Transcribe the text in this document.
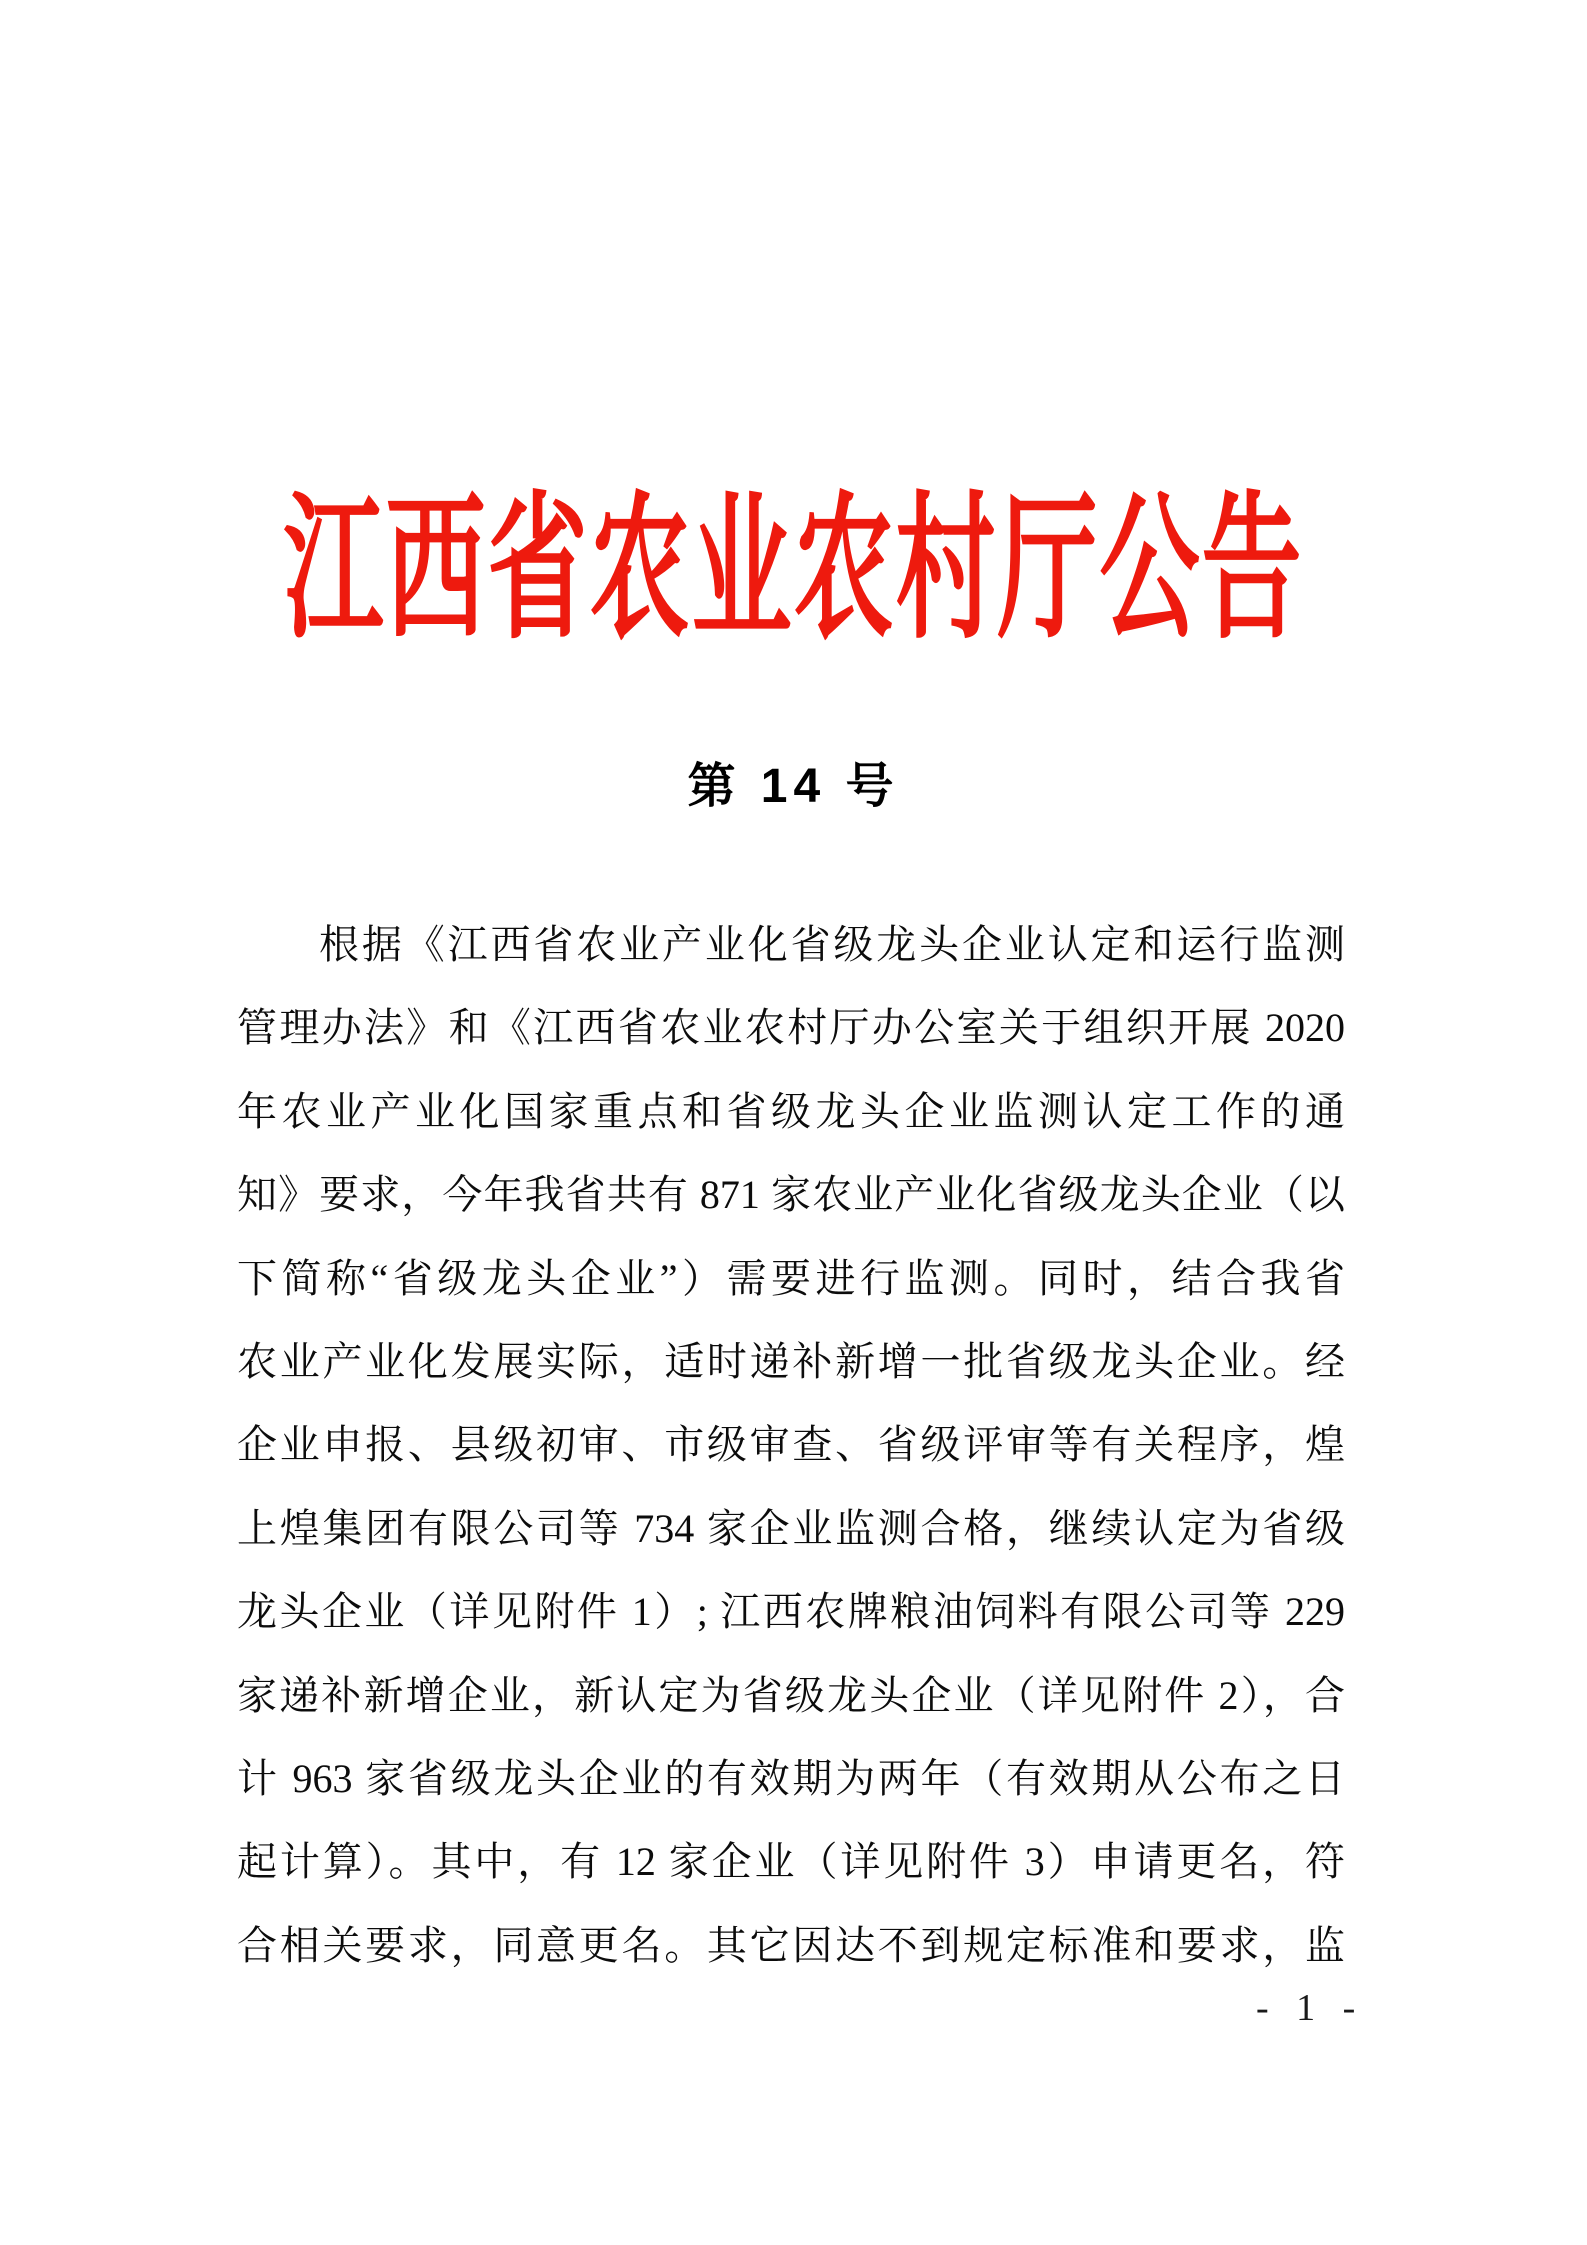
江西省农业农村厅公告
第 14 号
根据《江西省农业产业化省级龙头企业认定和运行监测
管理办法》和《江西省农业农村厅办公室关于组织开展 2020
年农业产业化国家重点和省级龙头企业监测认定工作的通
知》要求，今年我省共有 871 家农业产业化省级龙头企业（以
下简称“省级龙头企业”）需要进行监测。同时，结合我省
农业产业化发展实际，适时递补新增一批省级龙头企业。经
企业申报、县级初审、市级审查、省级评审等有关程序，煌
上煌集团有限公司等 734 家企业监测合格，继续认定为省级
龙头企业（详见附件 1）; 江西农牌粮油饲料有限公司等 229
家递补新增企业，新认定为省级龙头企业（详见附件 2），合
计 963 家省级龙头企业的有效期为两年（有效期从公布之日
起计算）。其中，有 12 家企业（详见附件 3）申请更名，符
合相关要求，同意更名。其它因达不到规定标准和要求，监
- 1 -
